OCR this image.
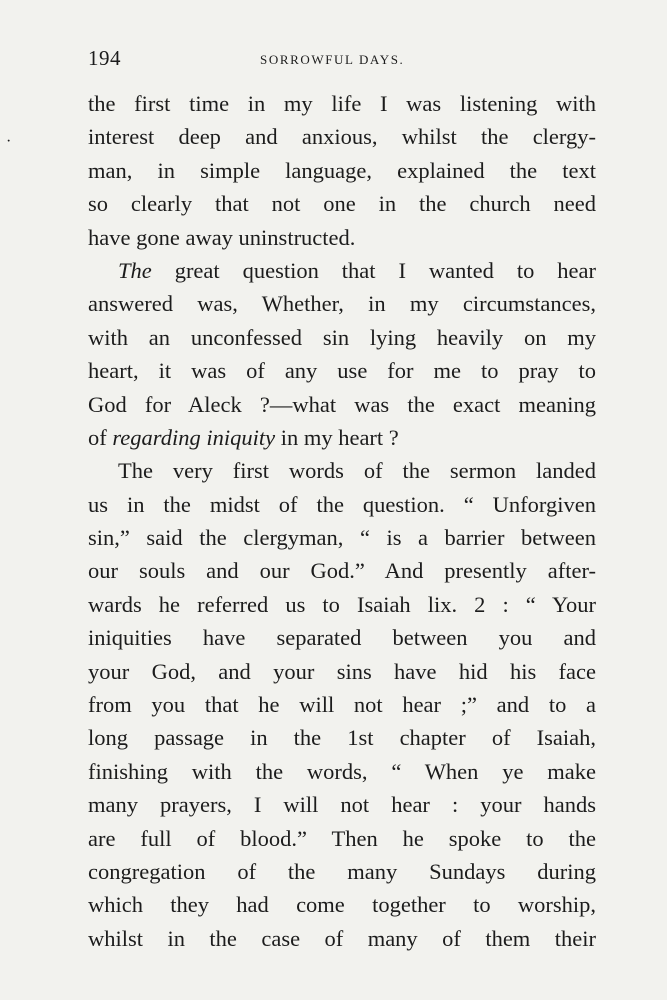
194	SORROWFUL DAYS.
·
the first time in my life I was listening with
interest deep and anxious, whilst the clergy-
man, in simple language, explained the text
so clearly that not one in the church need
have gone away uninstructed.
The great question that I wanted to hear
answered was, Whether, in my circumstances,
with an unconfessed sin lying heavily on my
heart, it was of any use for me to pray to
God for Aleck ?—what was the exact meaning
of regarding iniquity in my heart ?
The very first words of the sermon landed
us in the midst of the question. “ Unforgiven
sin,” said the clergyman, “ is a barrier between
our souls and our God.” And presently after-
wards he referred us to Isaiah lix. 2 : “ Your
iniquities have separated between you and
your God, and your sins have hid his face
from you that he will not hear ;” and to a
long passage in the 1st chapter of Isaiah,
finishing with the words, “ When ye make
many prayers, I will not hear : your hands
are full of blood.” Then he spoke to the
congregation of the many Sundays during
which they had come together to worship,
whilst in the case of many of them their
